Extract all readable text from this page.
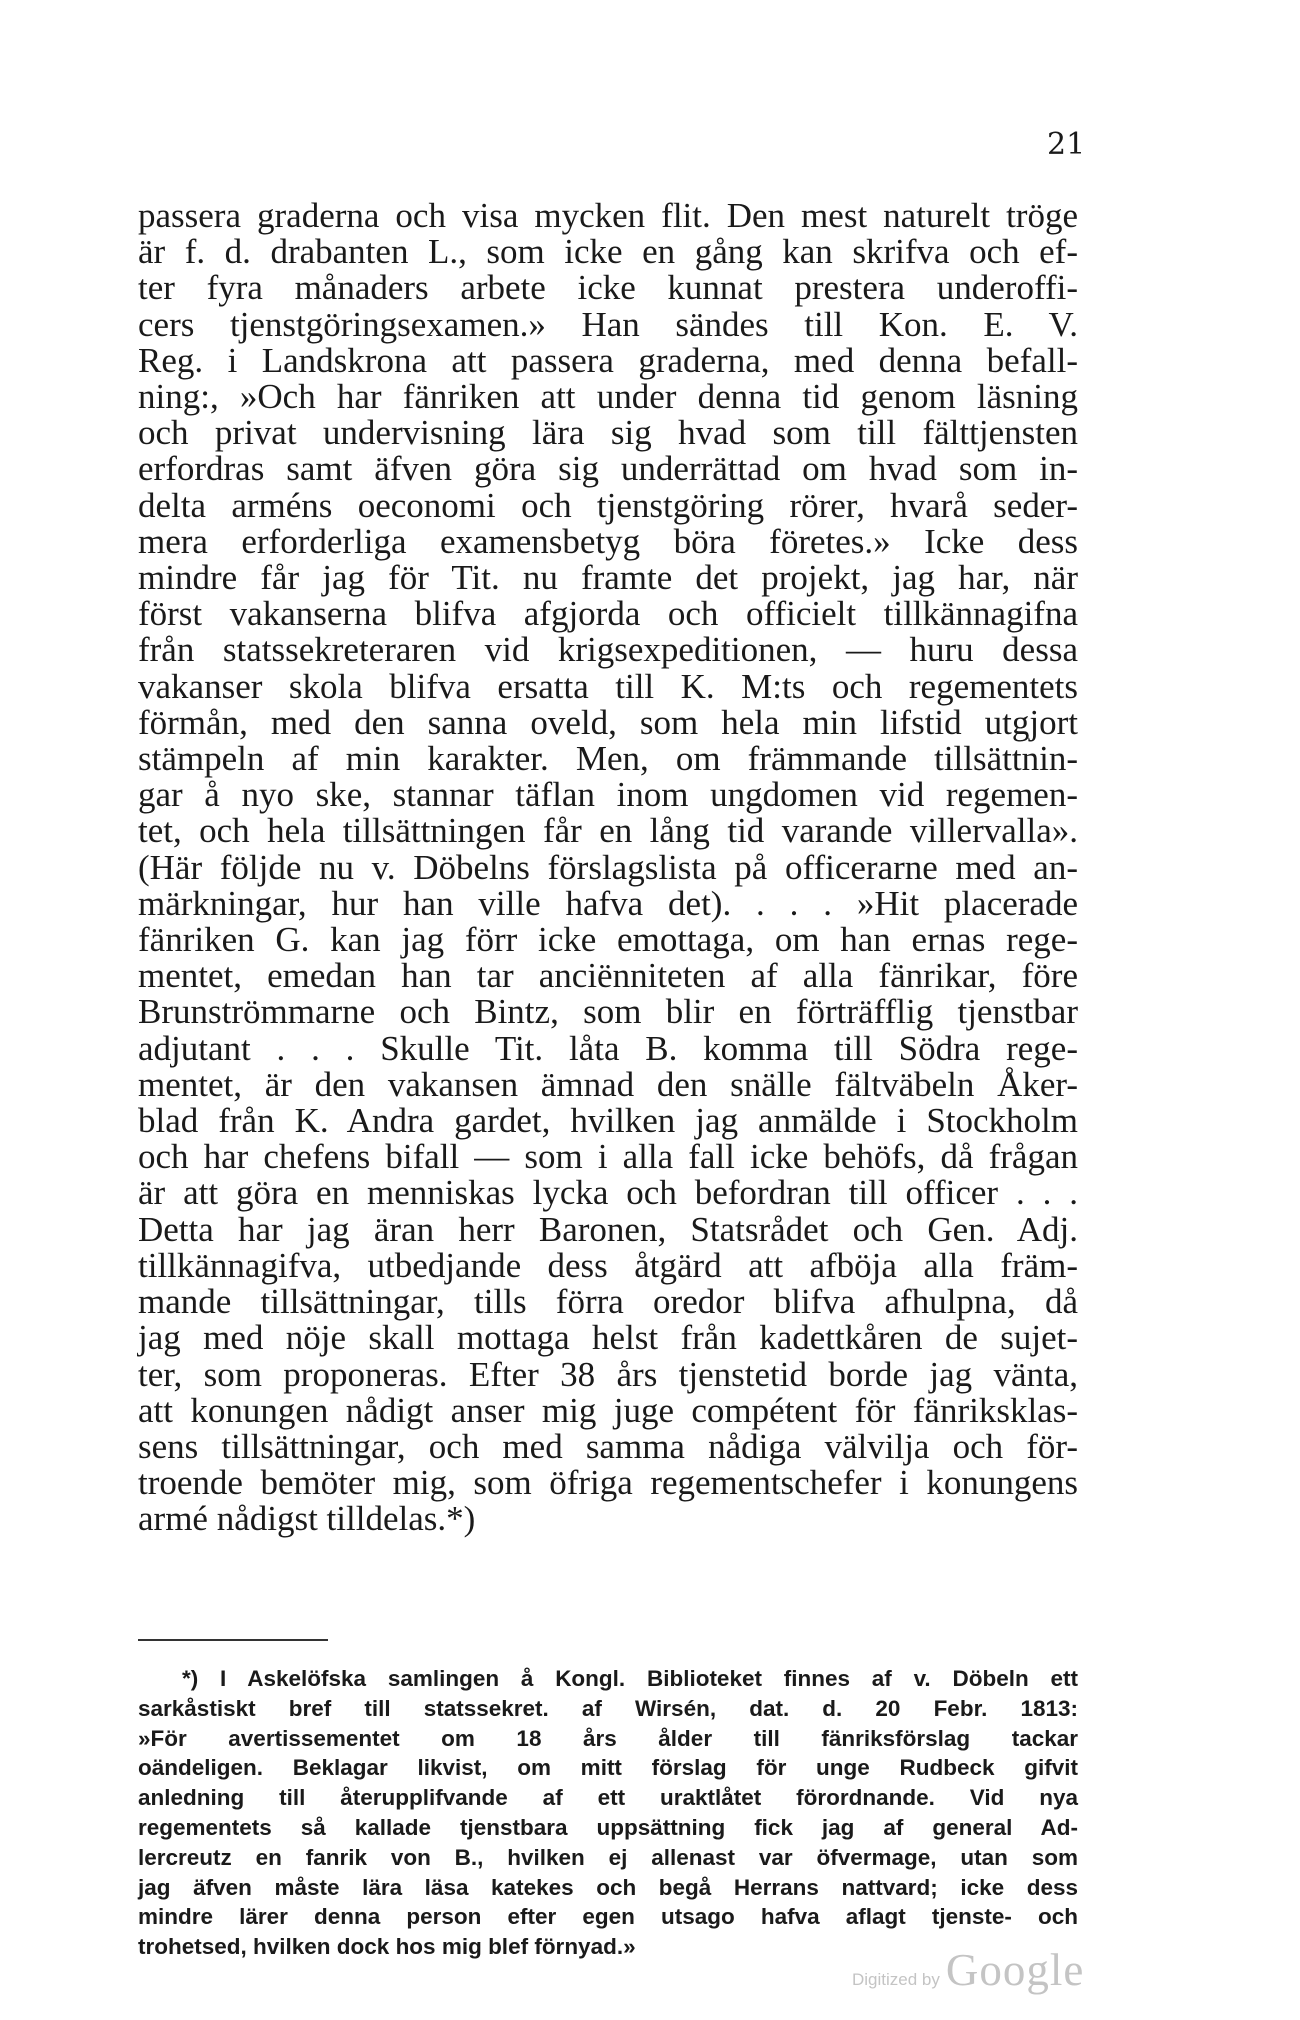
21
passera graderna och visa mycken flit. Den mest naturelt tröge
är f. d. drabanten L., som icke en gång kan skrifva och ef-
ter fyra månaders arbete icke kunnat prestera underoffi-
cers tjenstgöringsexamen.» Han sändes till Kon. E. V.
Reg. i Landskrona att passera graderna, med denna befall-
ning:, »Och har fänriken att under denna tid genom läsning
och privat undervisning lära sig hvad som till fälttjensten
erfordras samt äfven göra sig underrättad om hvad som in-
delta arméns oeconomi och tjenstgöring rörer, hvarå seder-
mera erforderliga examensbetyg böra företes.» Icke dess
mindre får jag för Tit. nu framte det projekt, jag har, när
först vakanserna blifva afgjorda och officielt tillkännagifna
från statssekreteraren vid krigsexpeditionen, — huru dessa
vakanser skola blifva ersatta till K. M:ts och regementets
förmån, med den sanna oveld, som hela min lifstid utgjort
stämpeln af min karakter. Men, om främmande tillsättnin-
gar å nyo ske, stannar täflan inom ungdomen vid regemen-
tet, och hela tillsättningen får en lång tid varande villervalla».
(Här följde nu v. Döbelns förslagslista på officerarne med an-
märkningar, hur han ville hafva det). . . . »Hit placerade
fänriken G. kan jag förr icke emottaga, om han ernas rege-
mentet, emedan han tar anciënniteten af alla fänrikar, före
Brunströmmarne och Bintz, som blir en förträfflig tjenstbar
adjutant . . . Skulle Tit. låta B. komma till Södra rege-
mentet, är den vakansen ämnad den snälle fältväbeln Åker-
blad från K. Andra gardet, hvilken jag anmälde i Stockholm
och har chefens bifall — som i alla fall icke behöfs, då frågan
är att göra en menniskas lycka och befordran till officer . . .
Detta har jag äran herr Baronen, Statsrådet och Gen. Adj.
tillkännagifva, utbedjande dess åtgärd att afböja alla främ-
mande tillsättningar, tills förra oredor blifva afhulpna, då
jag med nöje skall mottaga helst från kadettkåren de sujet-
ter, som proponeras. Efter 38 års tjenstetid borde jag vänta,
att konungen nådigt anser mig juge compétent för fänriksklas-
sens tillsättningar, och med samma nådiga välvilja och för-
troende bemöter mig, som öfriga regementschefer i konungens
armé nådigst tilldelas.*)
*) I Askelöfska samlingen å Kongl. Biblioteket finnes af v. Döbeln ett
sarkåstiskt bref till statssekret. af Wirsén, dat. d. 20 Febr. 1813:
»För avertissementet om 18 års ålder till fänriksförslag tackar
oändeligen. Beklagar likvist, om mitt förslag för unge Rudbeck gifvit
anledning till återupplifvande af ett uraktlåtet förordnande. Vid nya
regementets så kallade tjenstbara uppsättning fick jag af general Ad-
lercreutz en fanrik von B., hvilken ej allenast var öfvermage, utan som
jag äfven måste lära läsa katekes och begå Herrans nattvard; icke dess
mindre lärer denna person efter egen utsago hafva aflagt tjenste- och
trohetsed, hvilken dock hos mig blef förnyad.»
Digitized by Google
